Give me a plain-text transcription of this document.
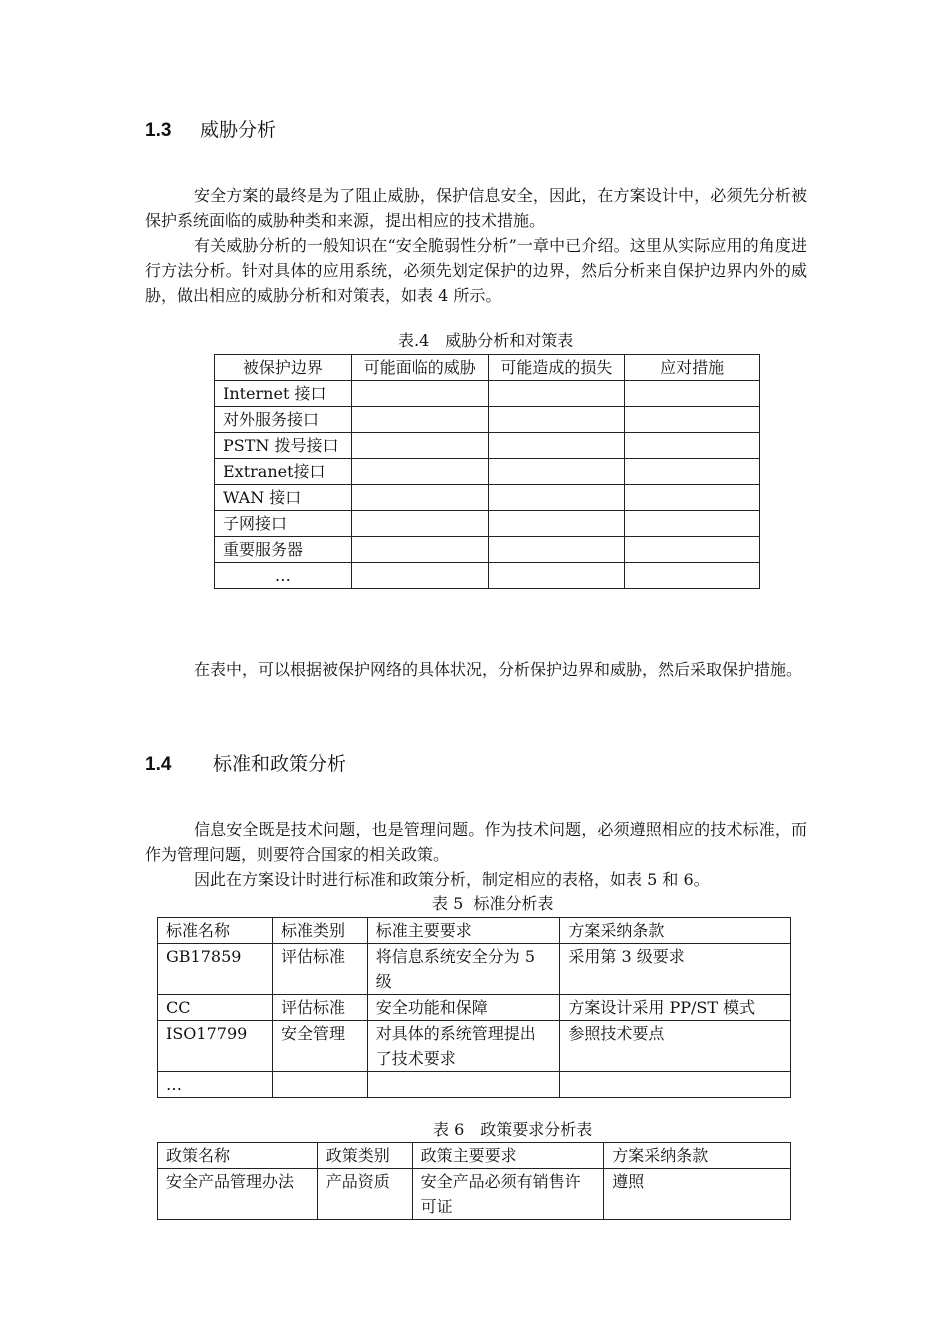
1.3 威胁分析

安全方案的最终是为了阻止威胁，保护信息安全，因此，在方案设计中，必须先分析被保护系统面临的威胁种类和来源，提出相应的技术措施。

有关威胁分析的一般知识在“安全脆弱性分析”一章中已介绍。这里从实际应用的角度进行方法分析。针对具体的应用系统，必须先划定保护的边界，然后分析来自保护边界内外的威胁，做出相应的威胁分析和对策表，如表 4 所示。

表.4　威胁分析和对策表
被保护边界	可能面临的威胁	可能造成的损失	应对措施
Internet 接口			
对外服务接口			
PSTN 拨号接口			
Extranet接口			
WAN 接口			
子网接口			
重要服务器			
…			

在表中，可以根据被保护网络的具体状况，分析保护边界和威胁，然后采取保护措施。

1.4 标准和政策分析

信息安全既是技术问题，也是管理问题。作为技术问题，必须遵照相应的技术标准，而作为管理问题，则要符合国家的相关政策。

因此在方案设计时进行标准和政策分析，制定相应的表格，如表 5 和 6。

表 5  标准分析表
标准名称	标准类别	标准主要要求	方案采纳条款
GB17859	评估标准	将信息系统安全分为 5 级	采用第 3 级要求
CC	评估标准	安全功能和保障	方案设计采用 PP/ST 模式
ISO17799	安全管理	对具体的系统管理提出了技术要求	参照技术要点
…			
表 6　政策要求分析表
政策名称	政策类别	政策主要要求	方案采纳条款
安全产品管理办法	产品资质	安全产品必须有销售许可证	遵照
